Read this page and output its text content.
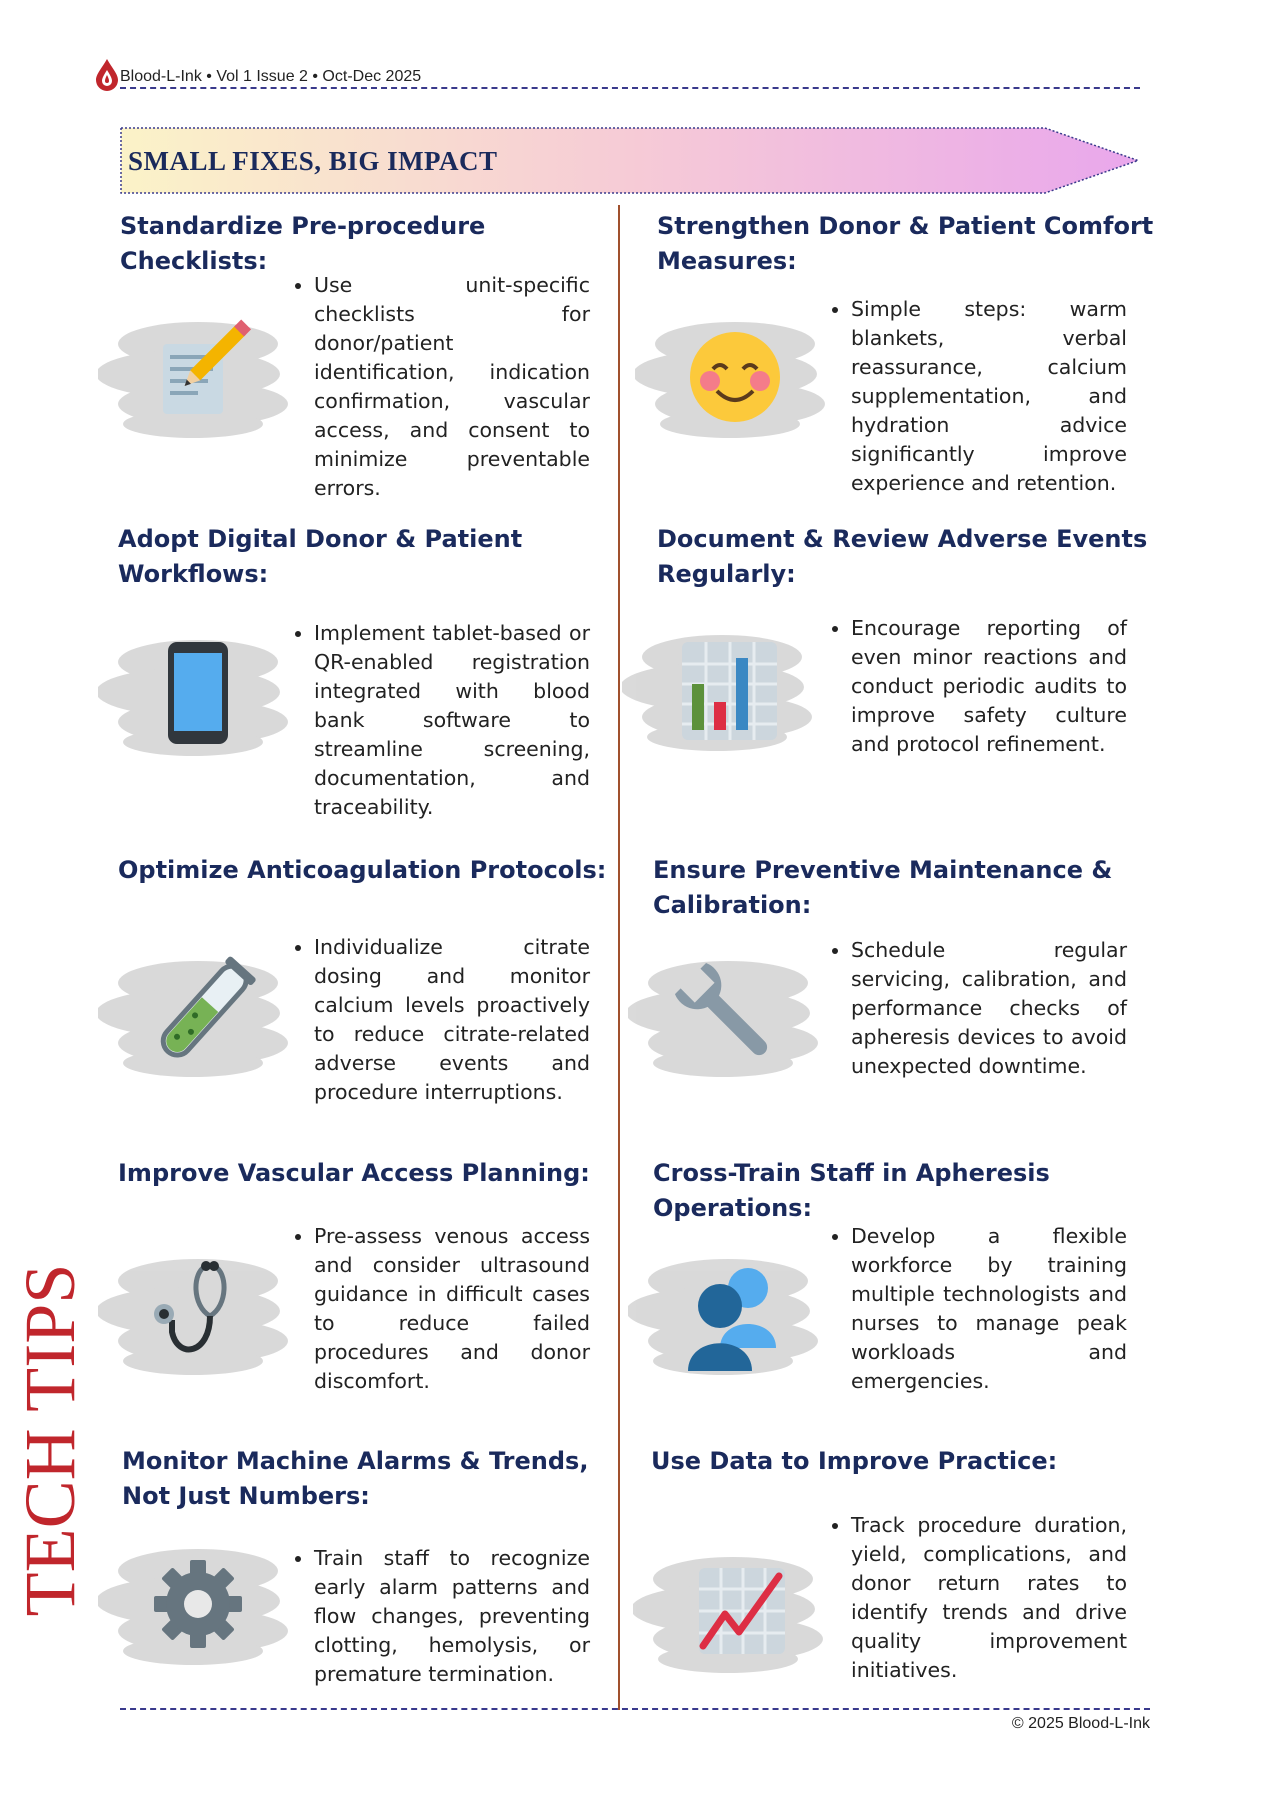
Blood-L-Ink • Vol 1 Issue 2 • Oct-Dec 2025
SMALL FIXES, BIG IMPACT
TECH TIPS
Standardize Pre-procedure Checklists:
• Use unit-specific checklists for donor/patient identification, indication confirmation, vascular access, and consent to minimize preventable errors.
Strengthen Donor & Patient Comfort Measures:
• Simple steps: warm blankets, verbal reassurance, calcium supplementation, and hydration advice significantly improve experience and retention.
Adopt Digital Donor & Patient Workflows:
• Implement tablet-based or QR-enabled registration integrated with blood bank software to streamline screening, documentation, and traceability.
Document & Review Adverse Events Regularly:
• Encourage reporting of even minor reactions and conduct periodic audits to improve safety culture and protocol refinement.
Optimize Anticoagulation Protocols:
• Individualize citrate dosing and monitor calcium levels proactively to reduce citrate-related adverse events and procedure interruptions.
Ensure Preventive Maintenance & Calibration:
• Schedule regular servicing, calibration, and performance checks of apheresis devices to avoid unexpected downtime.
Improve Vascular Access Planning:
• Pre-assess venous access and consider ultrasound guidance in difficult cases to reduce failed procedures and donor discomfort.
Cross-Train Staff in Apheresis Operations:
• Develop a flexible workforce by training multiple technologists and nurses to manage peak workloads and emergencies.
Monitor Machine Alarms & Trends, Not Just Numbers:
• Train staff to recognize early alarm patterns and flow changes, preventing clotting, hemolysis, or premature termination.
Use Data to Improve Practice:
• Track procedure duration, yield, complications, and donor return rates to identify trends and drive quality improvement initiatives.
© 2025 Blood-L-Ink
